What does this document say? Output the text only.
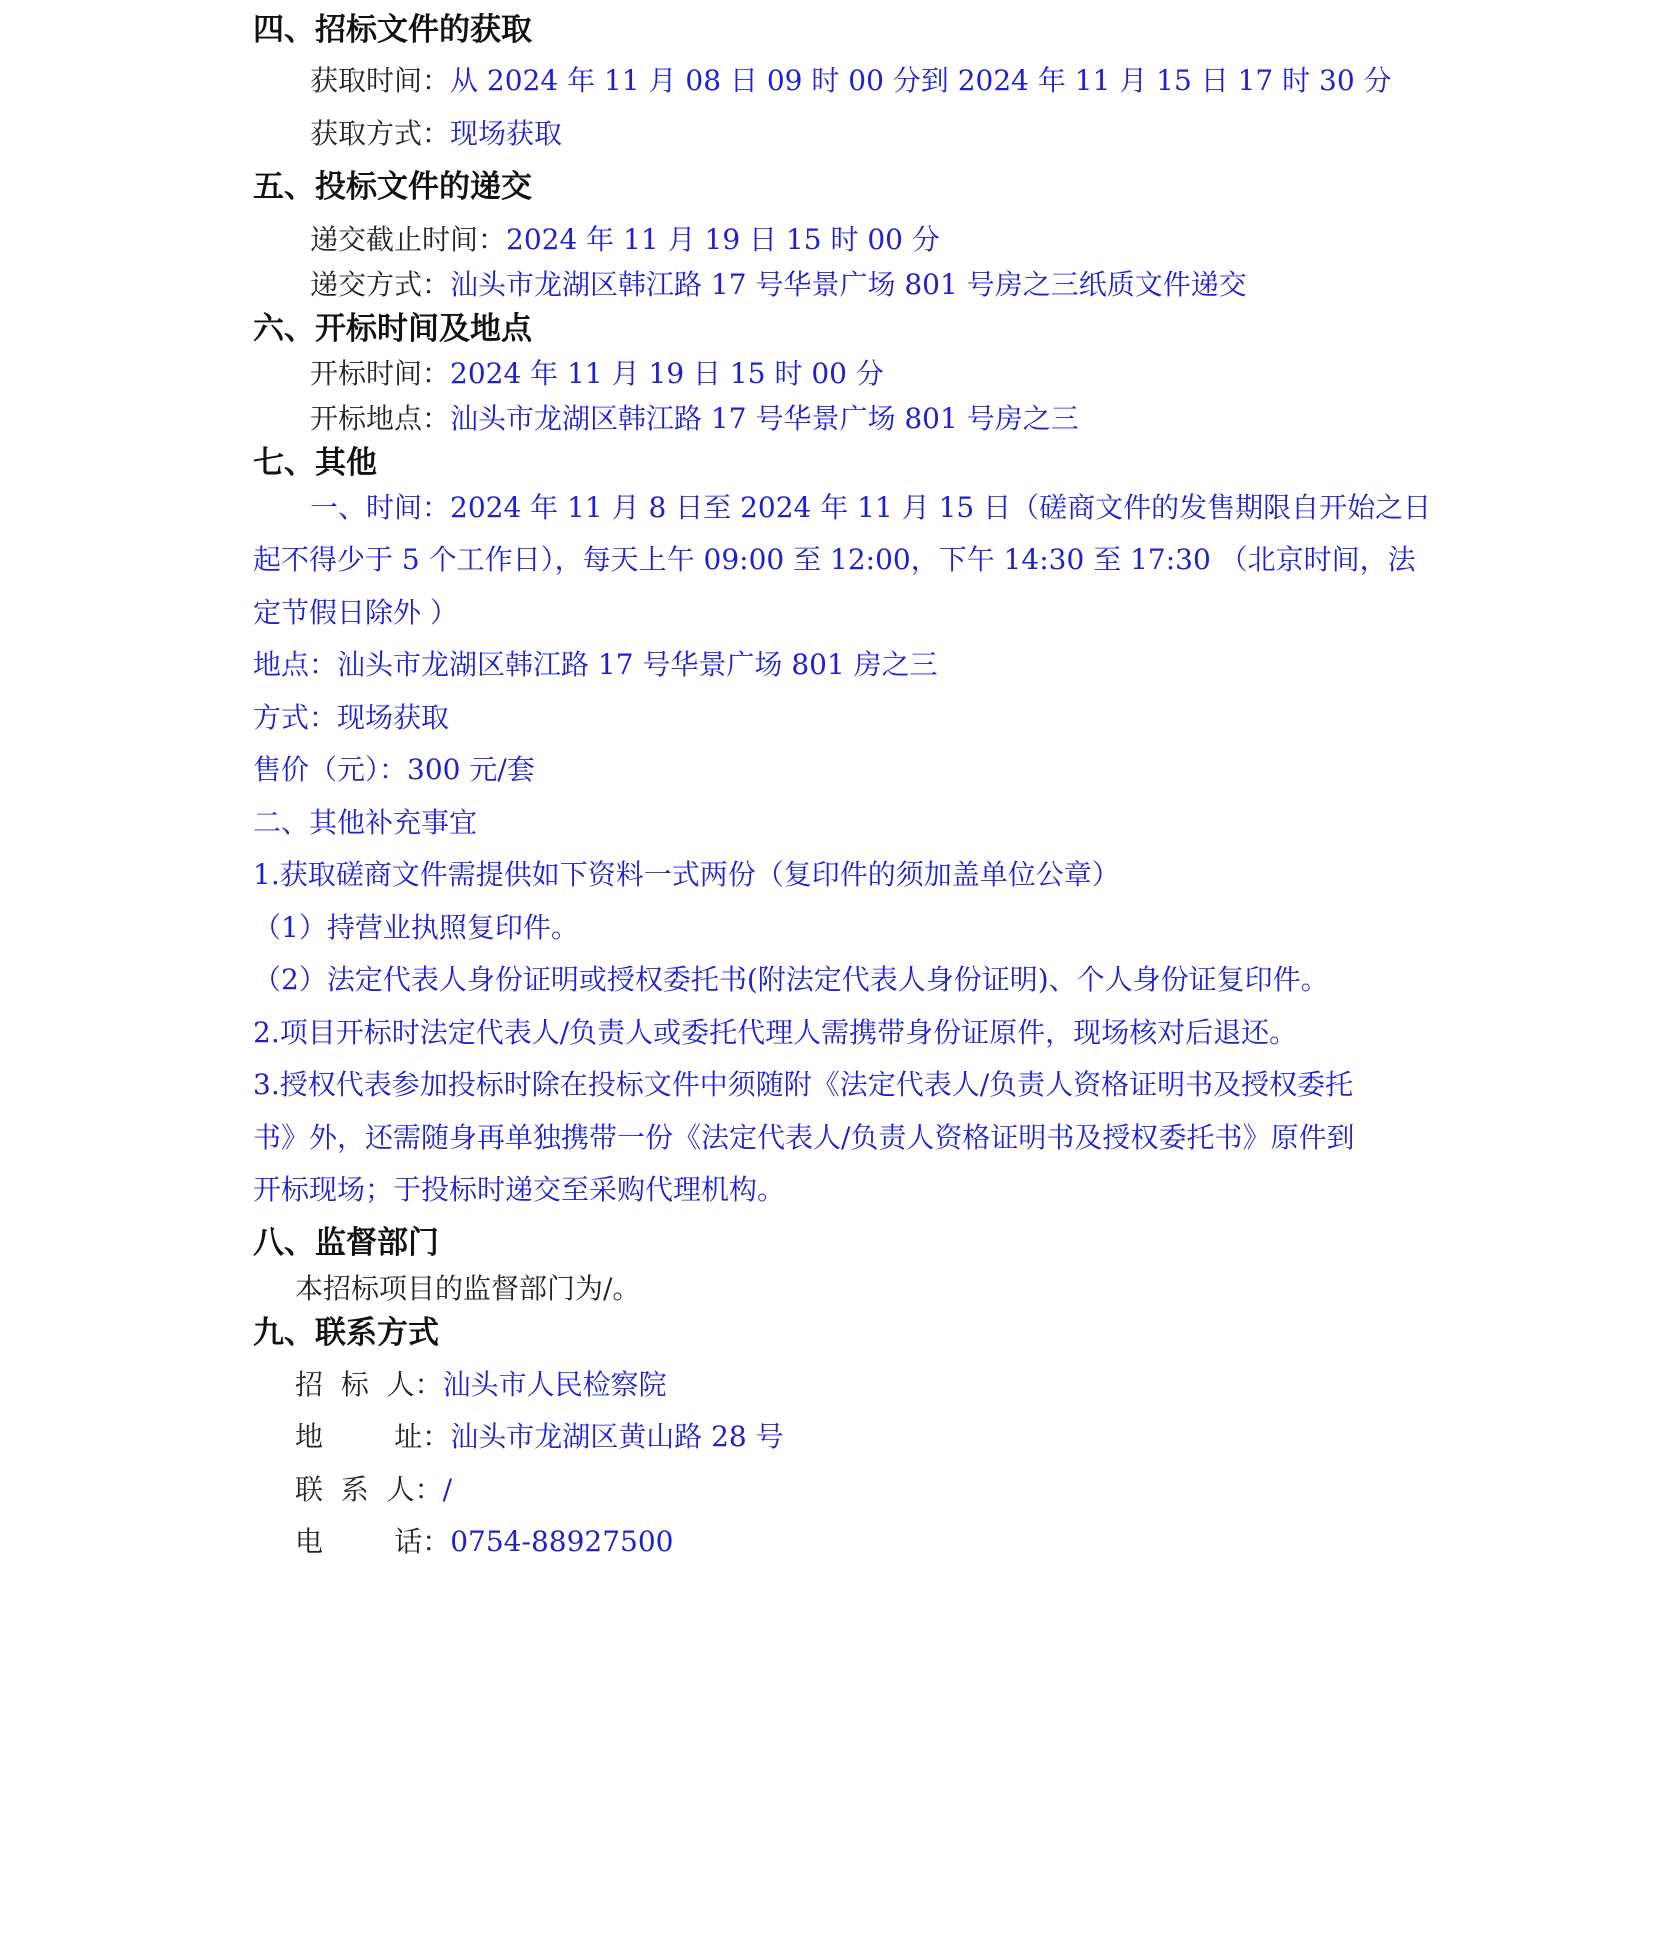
四、招标文件的获取
获取时间：从 2024 年 11 月 08 日 09 时 00 分到 2024 年 11 月 15 日 17 时 30 分
获取方式：现场获取
五、投标文件的递交
递交截止时间：2024 年 11 月 19 日 15 时 00 分
递交方式：汕头市龙湖区韩江路 17 号华景广场 801 号房之三纸质文件递交
六、开标时间及地点
开标时间：2024 年 11 月 19 日 15 时 00 分
开标地点：汕头市龙湖区韩江路 17 号华景广场 801 号房之三
七、其他
一、时间：2024 年 11 月 8 日至 2024 年 11 月 15 日（磋商文件的发售期限自开始之日
起不得少于 5 个工作日），每天上午 09:00 至 12:00，下午 14:30 至 17:30 （北京时间，法
定节假日除外 ）
地点：汕头市龙湖区韩江路 17 号华景广场 801 房之三
方式：现场获取
售价（元）：300 元/套
二、其他补充事宜
1.获取磋商文件需提供如下资料一式两份（复印件的须加盖单位公章）
（1）持营业执照复印件。
（2）法定代表人身份证明或授权委托书(附法定代表人身份证明)、个人身份证复印件。
2.项目开标时法定代表人/负责人或委托代理人需携带身份证原件，现场核对后退还。
3.授权代表参加投标时除在投标文件中须随附《法定代表人/负责人资格证明书及授权委托
书》外，还需随身再单独携带一份《法定代表人/负责人资格证明书及授权委托书》原件到
开标现场；于投标时递交至采购代理机构。
八、监督部门
本招标项目的监督部门为/。
九、联系方式
招  标  人：汕头市人民检察院
地        址：汕头市龙湖区黄山路 28 号
联  系  人：/
电        话：0754-88927500
